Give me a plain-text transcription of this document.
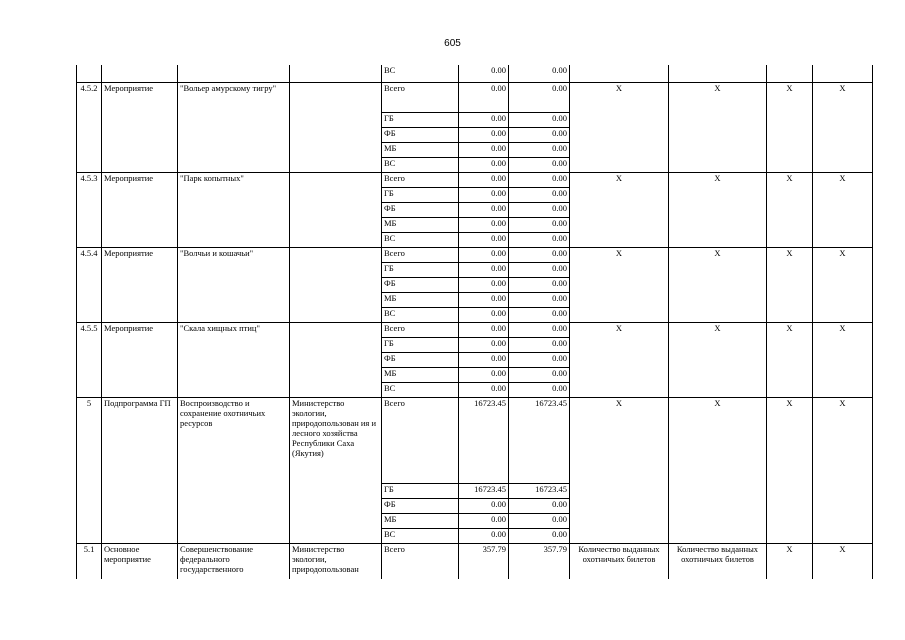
605
				ВС	0.00	0.00				
4.5.2	Мероприятие	"Вольер амурскому тигру"		Всего	0.00	0.00	X	X	X	X
				ГБ	0.00	0.00				
				ФБ	0.00	0.00				
				МБ	0.00	0.00				
				ВС	0.00	0.00				
4.5.3	Мероприятие	"Парк копытных"		Всего	0.00	0.00	X	X	X	X
				ГБ	0.00	0.00				
				ФБ	0.00	0.00				
				МБ	0.00	0.00				
				ВС	0.00	0.00				
4.5.4	Мероприятие	"Волчьи и кошачьи"		Всего	0.00	0.00	X	X	X	X
				ГБ	0.00	0.00				
				ФБ	0.00	0.00				
				МБ	0.00	0.00				
				ВС	0.00	0.00				
4.5.5	Мероприятие	"Скала хищных птиц"		Всего	0.00	0.00	X	X	X	X
				ГБ	0.00	0.00				
				ФБ	0.00	0.00				
				МБ	0.00	0.00				
				ВС	0.00	0.00				
5	Подпрограмма ГП	Воспроизводство и сохранение охотничьих ресурсов	Министерство экологии, природопользован ия и лесного хозяйства Республики Саха (Якутия)	Всего	16723.45	16723.45	X	X	X	X
				ГБ	16723.45	16723.45				
				ФБ	0.00	0.00				
				МБ	0.00	0.00				
				ВС	0.00	0.00				
5.1	Основное мероприятие	Совершенствование федерального государственного	Министерство экологии, природопользован	Всего	357.79	357.79	Количество выданных охотничьих билетов	Количество выданных охотничьих билетов	X	X
